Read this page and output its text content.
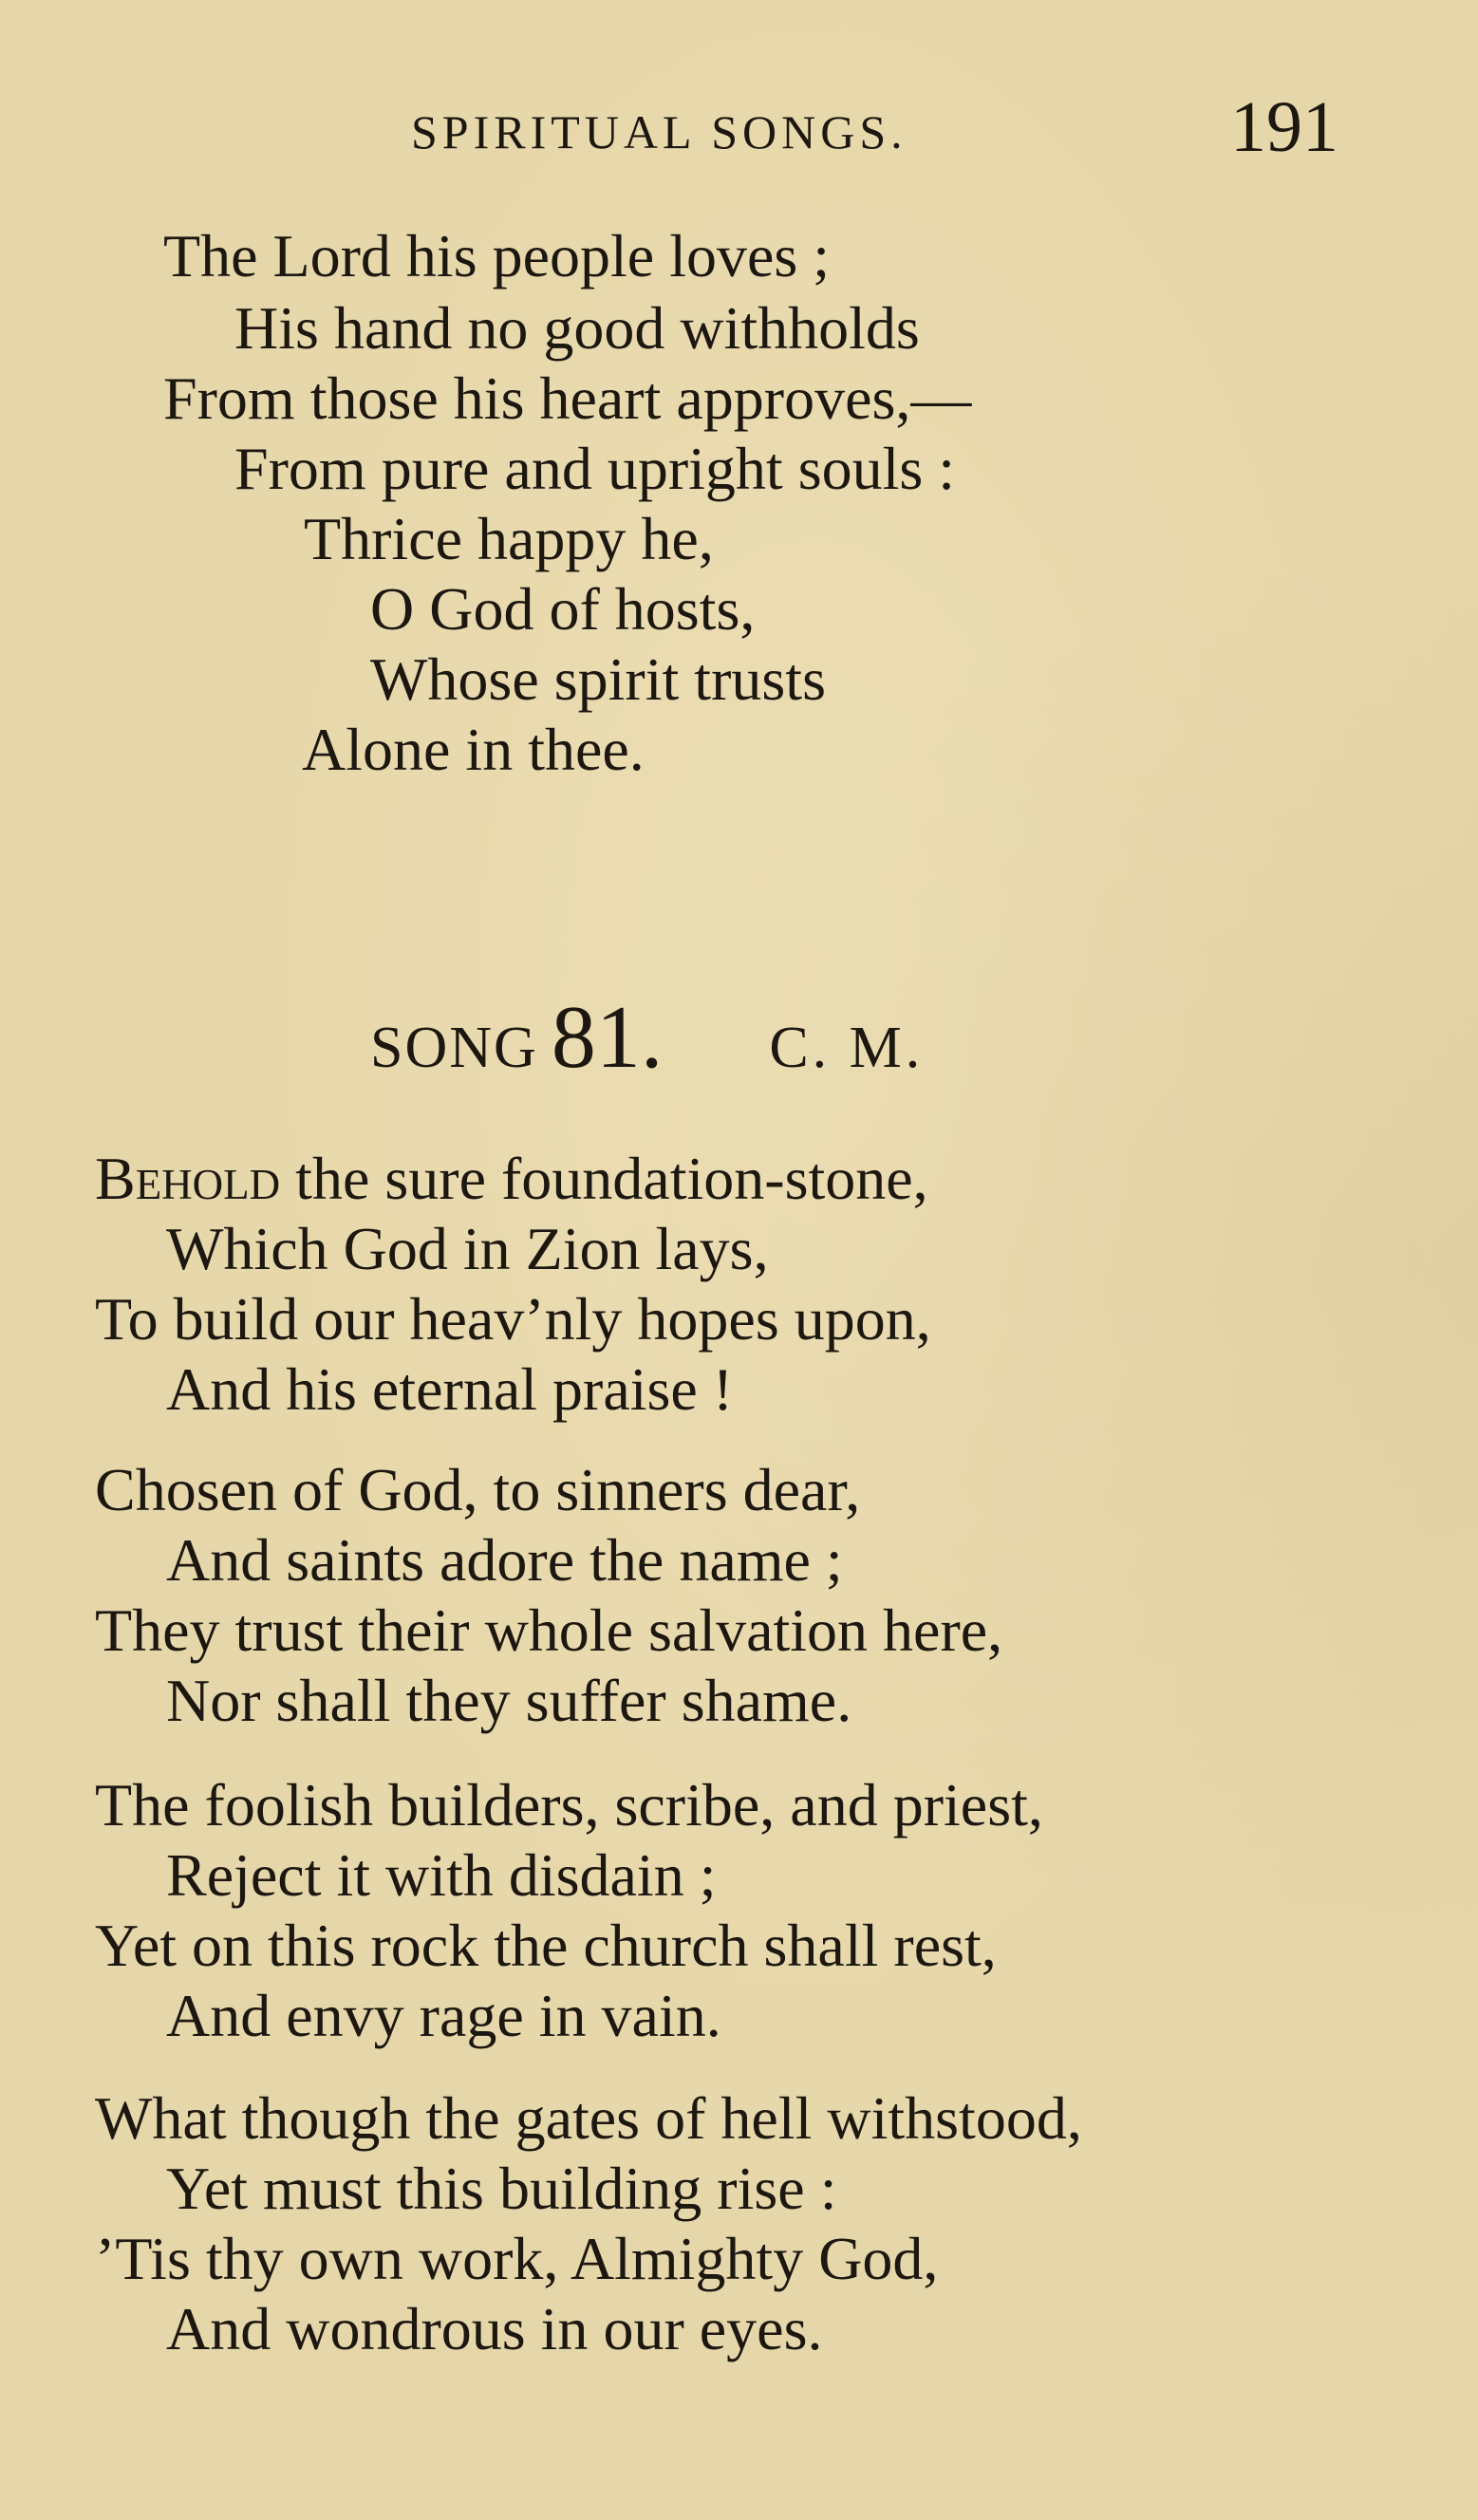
SPIRITUAL SONGS.	191
The Lord his people loves ;
His hand no good withholds
From those his heart approves,—
From pure and upright souls :
Thrice happy he,
O God of hosts,
Whose spirit trusts
Alone in thee.
SONG 81. C. M.
Behold the sure foundation-stone,
Which God in Zion lays,
To build our heav’nly hopes upon,
And his eternal praise !
Chosen of God, to sinners dear,
And saints adore the name ;
They trust their whole salvation here,
Nor shall they suffer shame.
The foolish builders, scribe, and priest,
Reject it with disdain ;
Yet on this rock the church shall rest,
And envy rage in vain.
What though the gates of hell withstood,
Yet must this building rise :
’Tis thy own work, Almighty God,
And wondrous in our eyes.
